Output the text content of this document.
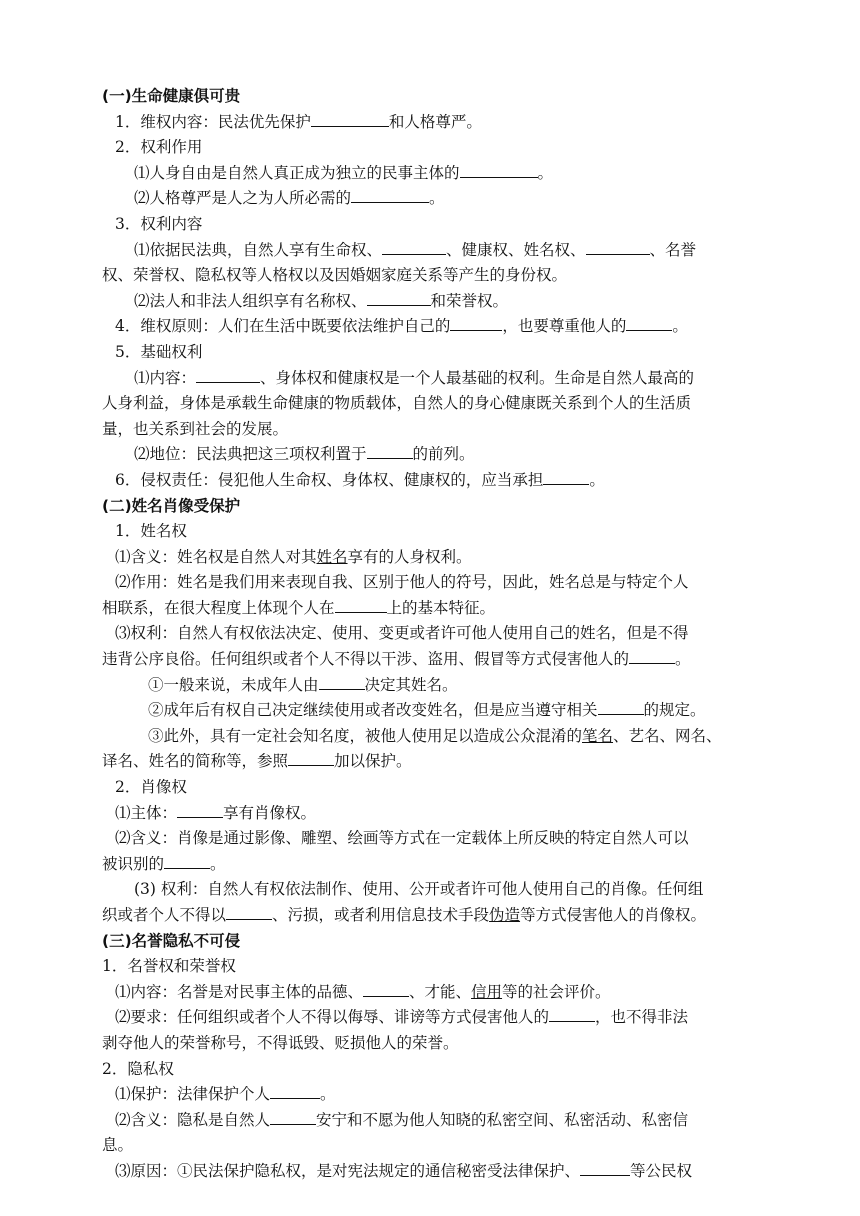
(一)生命健康俱可贵
1．维权内容：民法优先保护	和人格尊严。
2．权利作用
⑴人身自由是自然人真正成为独立的民事主体的	。
⑵人格尊严是人之为人所必需的	。
3．权利内容
⑴依据民法典，自然人享有生命权、	、健康权、姓名权、	、名誉
权、荣誉权、隐私权等人格权以及因婚姻家庭关系等产生的身份权。
⑵法人和非法人组织享有名称权、	和荣誉权。
4．维权原则：人们在生活中既要依法维护自己的	，也要尊重他人的	。
5．基础权利
⑴内容：	、身体权和健康权是一个人最基础的权利。生命是自然人最高的
人身利益，身体是承载生命健康的物质载体，自然人的身心健康既关系到个人的生活质
量，也关系到社会的发展。
⑵地位：民法典把这三项权利置于	的前列。
6．侵权责任：侵犯他人生命权、身体权、健康权的，应当承担	。
(二)姓名肖像受保护
1．姓名权
⑴含义：姓名权是自然人对其姓名享有的人身权利。
⑵作用：姓名是我们用来表现自我、区别于他人的符号，因此，姓名总是与特定个人
相联系，在很大程度上体现个人在	上的基本特征。
⑶权利：自然人有权依法决定、使用、变更或者许可他人使用自己的姓名，但是不得
违背公序良俗。任何组织或者个人不得以干涉、盗用、假冒等方式侵害他人的	。
①一般来说，未成年人由	决定其姓名。
②成年后有权自己决定继续使用或者改变姓名，但是应当遵守相关	的规定。
③此外，具有一定社会知名度，被他人使用足以造成公众混淆的笔名、艺名、网名、
译名、姓名的简称等，参照	加以保护。
2．肖像权
⑴主体：	享有肖像权。
⑵含义：肖像是通过影像、雕塑、绘画等方式在一定载体上所反映的特定自然人可以
被识别的	。
(3) 权利：自然人有权依法制作、使用、公开或者许可他人使用自己的肖像。任何组
织或者个人不得以	、污损，或者利用信息技术手段伪造等方式侵害他人的肖像权。
(三)名誉隐私不可侵
1．名誉权和荣誉权
⑴内容：名誉是对民事主体的品德、	、才能、信用等的社会评价。
⑵要求：任何组织或者个人不得以侮辱、诽谤等方式侵害他人的	，也不得非法
剥夺他人的荣誉称号，不得诋毁、贬损他人的荣誉。
2．隐私权
⑴保护：法律保护个人	。
⑵含义：隐私是自然人	安宁和不愿为他人知晓的私密空间、私密活动、私密信
息。
⑶原因：①民法保护隐私权，是对宪法规定的通信秘密受法律保护、	等公民权
